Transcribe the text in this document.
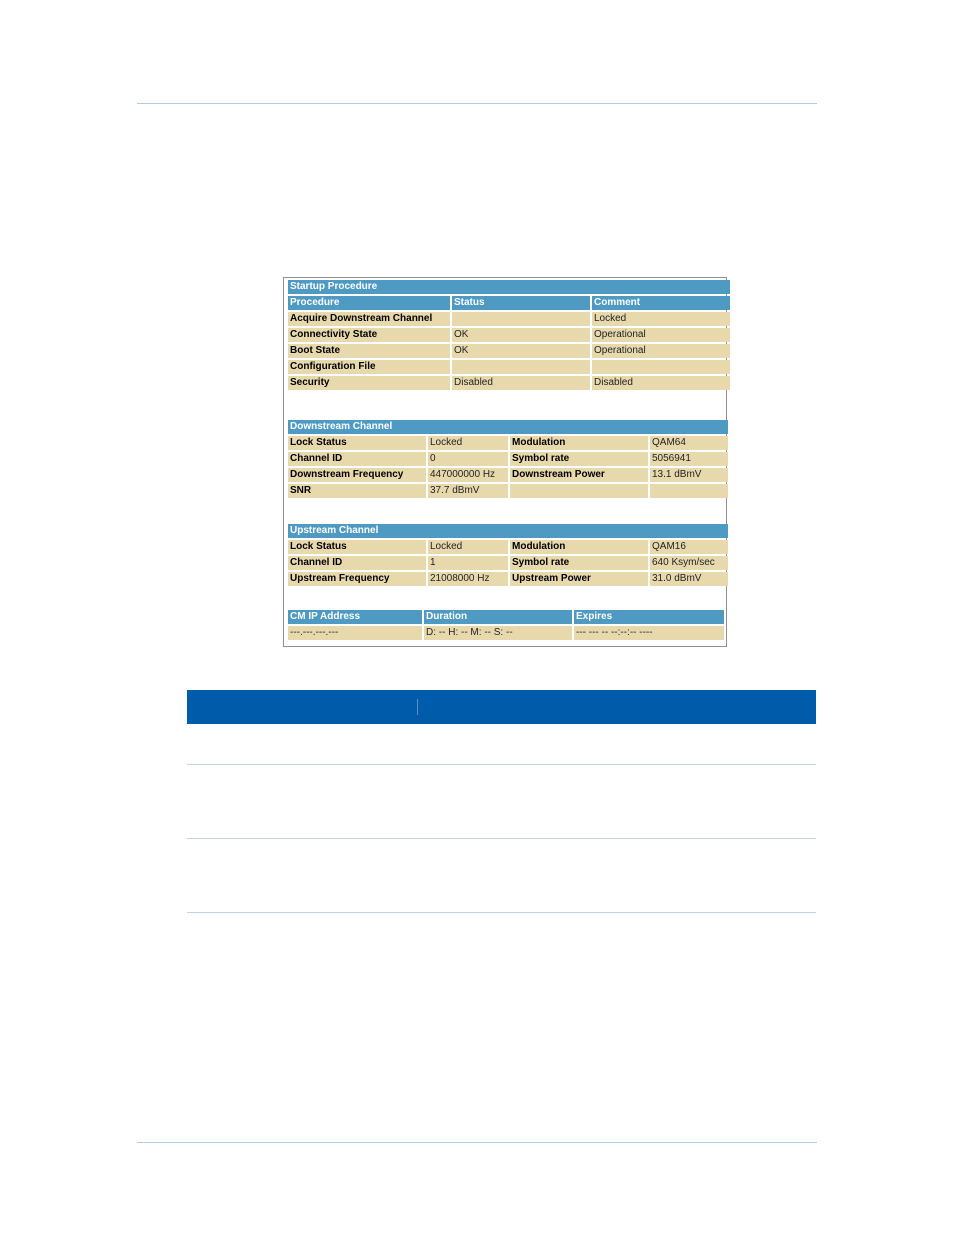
Startup Procedure		
Procedure	Status	Comment
Acquire Downstream Channel		Locked
Connectivity State	OK	Operational
Boot State	OK	Operational
Configuration File		
Security	Disabled	Disabled
Downstream Channel			
Lock Status	Locked	Modulation	QAM64
Channel ID	0	Symbol rate	5056941
Downstream Frequency	447000000 Hz	Downstream Power	13.1 dBmV
SNR	37.7 dBmV		
Upstream Channel			
Lock Status	Locked	Modulation	QAM16
Channel ID	1	Symbol rate	640 Ksym/sec
Upstream Frequency	21008000 Hz	Upstream Power	31.0 dBmV
CM IP Address	Duration	Expires
---.---.---.---	D: -- H: -- M: -- S: --	--- --- -- --:--:-- ----
